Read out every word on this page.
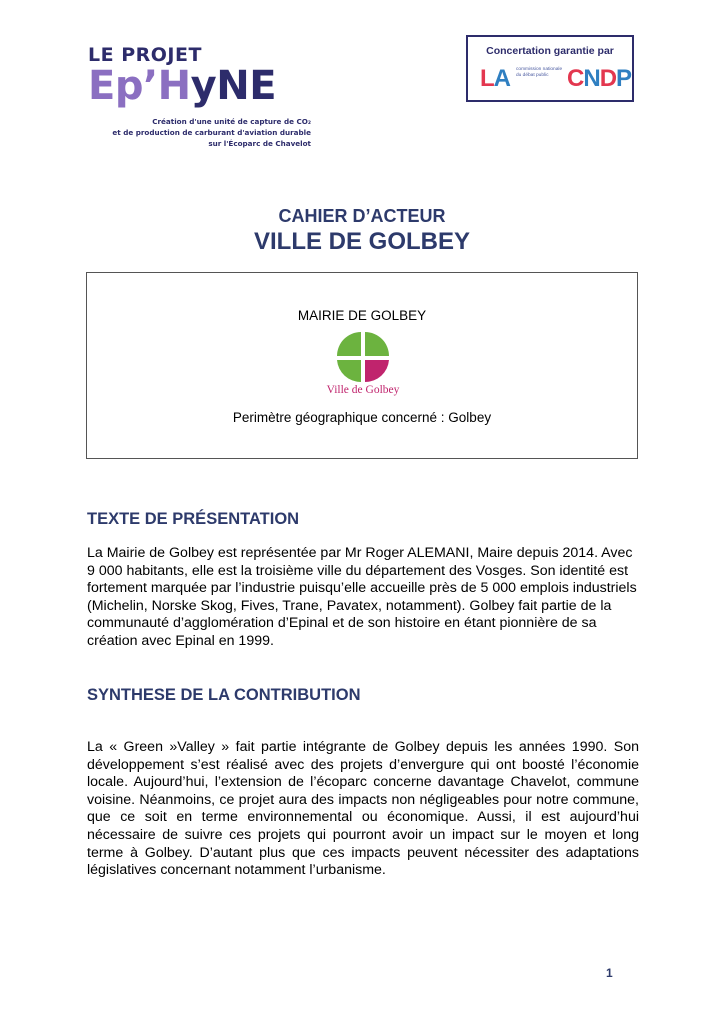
LE PROJET
Ep’HyNE
Création d'une unité de capture de CO₂
et de production de carburant d'aviation durable
sur l'Écoparc de Chavelot
Concertation garantie par
LA commission nationale du débat public CNDP
CAHIER D’ACTEUR
VILLE DE GOLBEY
MAIRIE DE GOLBEY
Ville de Golbey
Perimètre géographique concerné : Golbey
TEXTE DE PRÉSENTATION
La Mairie de Golbey est représentée par Mr Roger ALEMANI, Maire depuis 2014. Avec 9 000 habitants, elle est la troisième ville du département des Vosges. Son identité est fortement marquée par l’industrie puisqu’elle accueille près de 5 000 emplois industriels (Michelin, Norske Skog, Fives, Trane, Pavatex, notamment). Golbey fait partie de la communauté d’agglomération d’Epinal et de son histoire en étant pionnière de sa création avec Epinal en 1999.
SYNTHESE DE LA CONTRIBUTION
La « Green »Valley » fait partie intégrante de Golbey depuis les années 1990. Son développement s’est réalisé avec des projets d’envergure qui ont boosté l’économie locale. Aujourd’hui, l’extension de l’écoparc concerne davantage Chavelot, commune voisine. Néanmoins, ce projet aura des impacts non négligeables pour notre commune, que ce soit en terme environnemental ou économique. Aussi, il est aujourd’hui nécessaire de suivre ces projets qui pourront avoir un impact sur le moyen et long terme à Golbey. D’autant plus que ces impacts peuvent nécessiter des adaptations législatives concernant notamment l’urbanisme.
1
